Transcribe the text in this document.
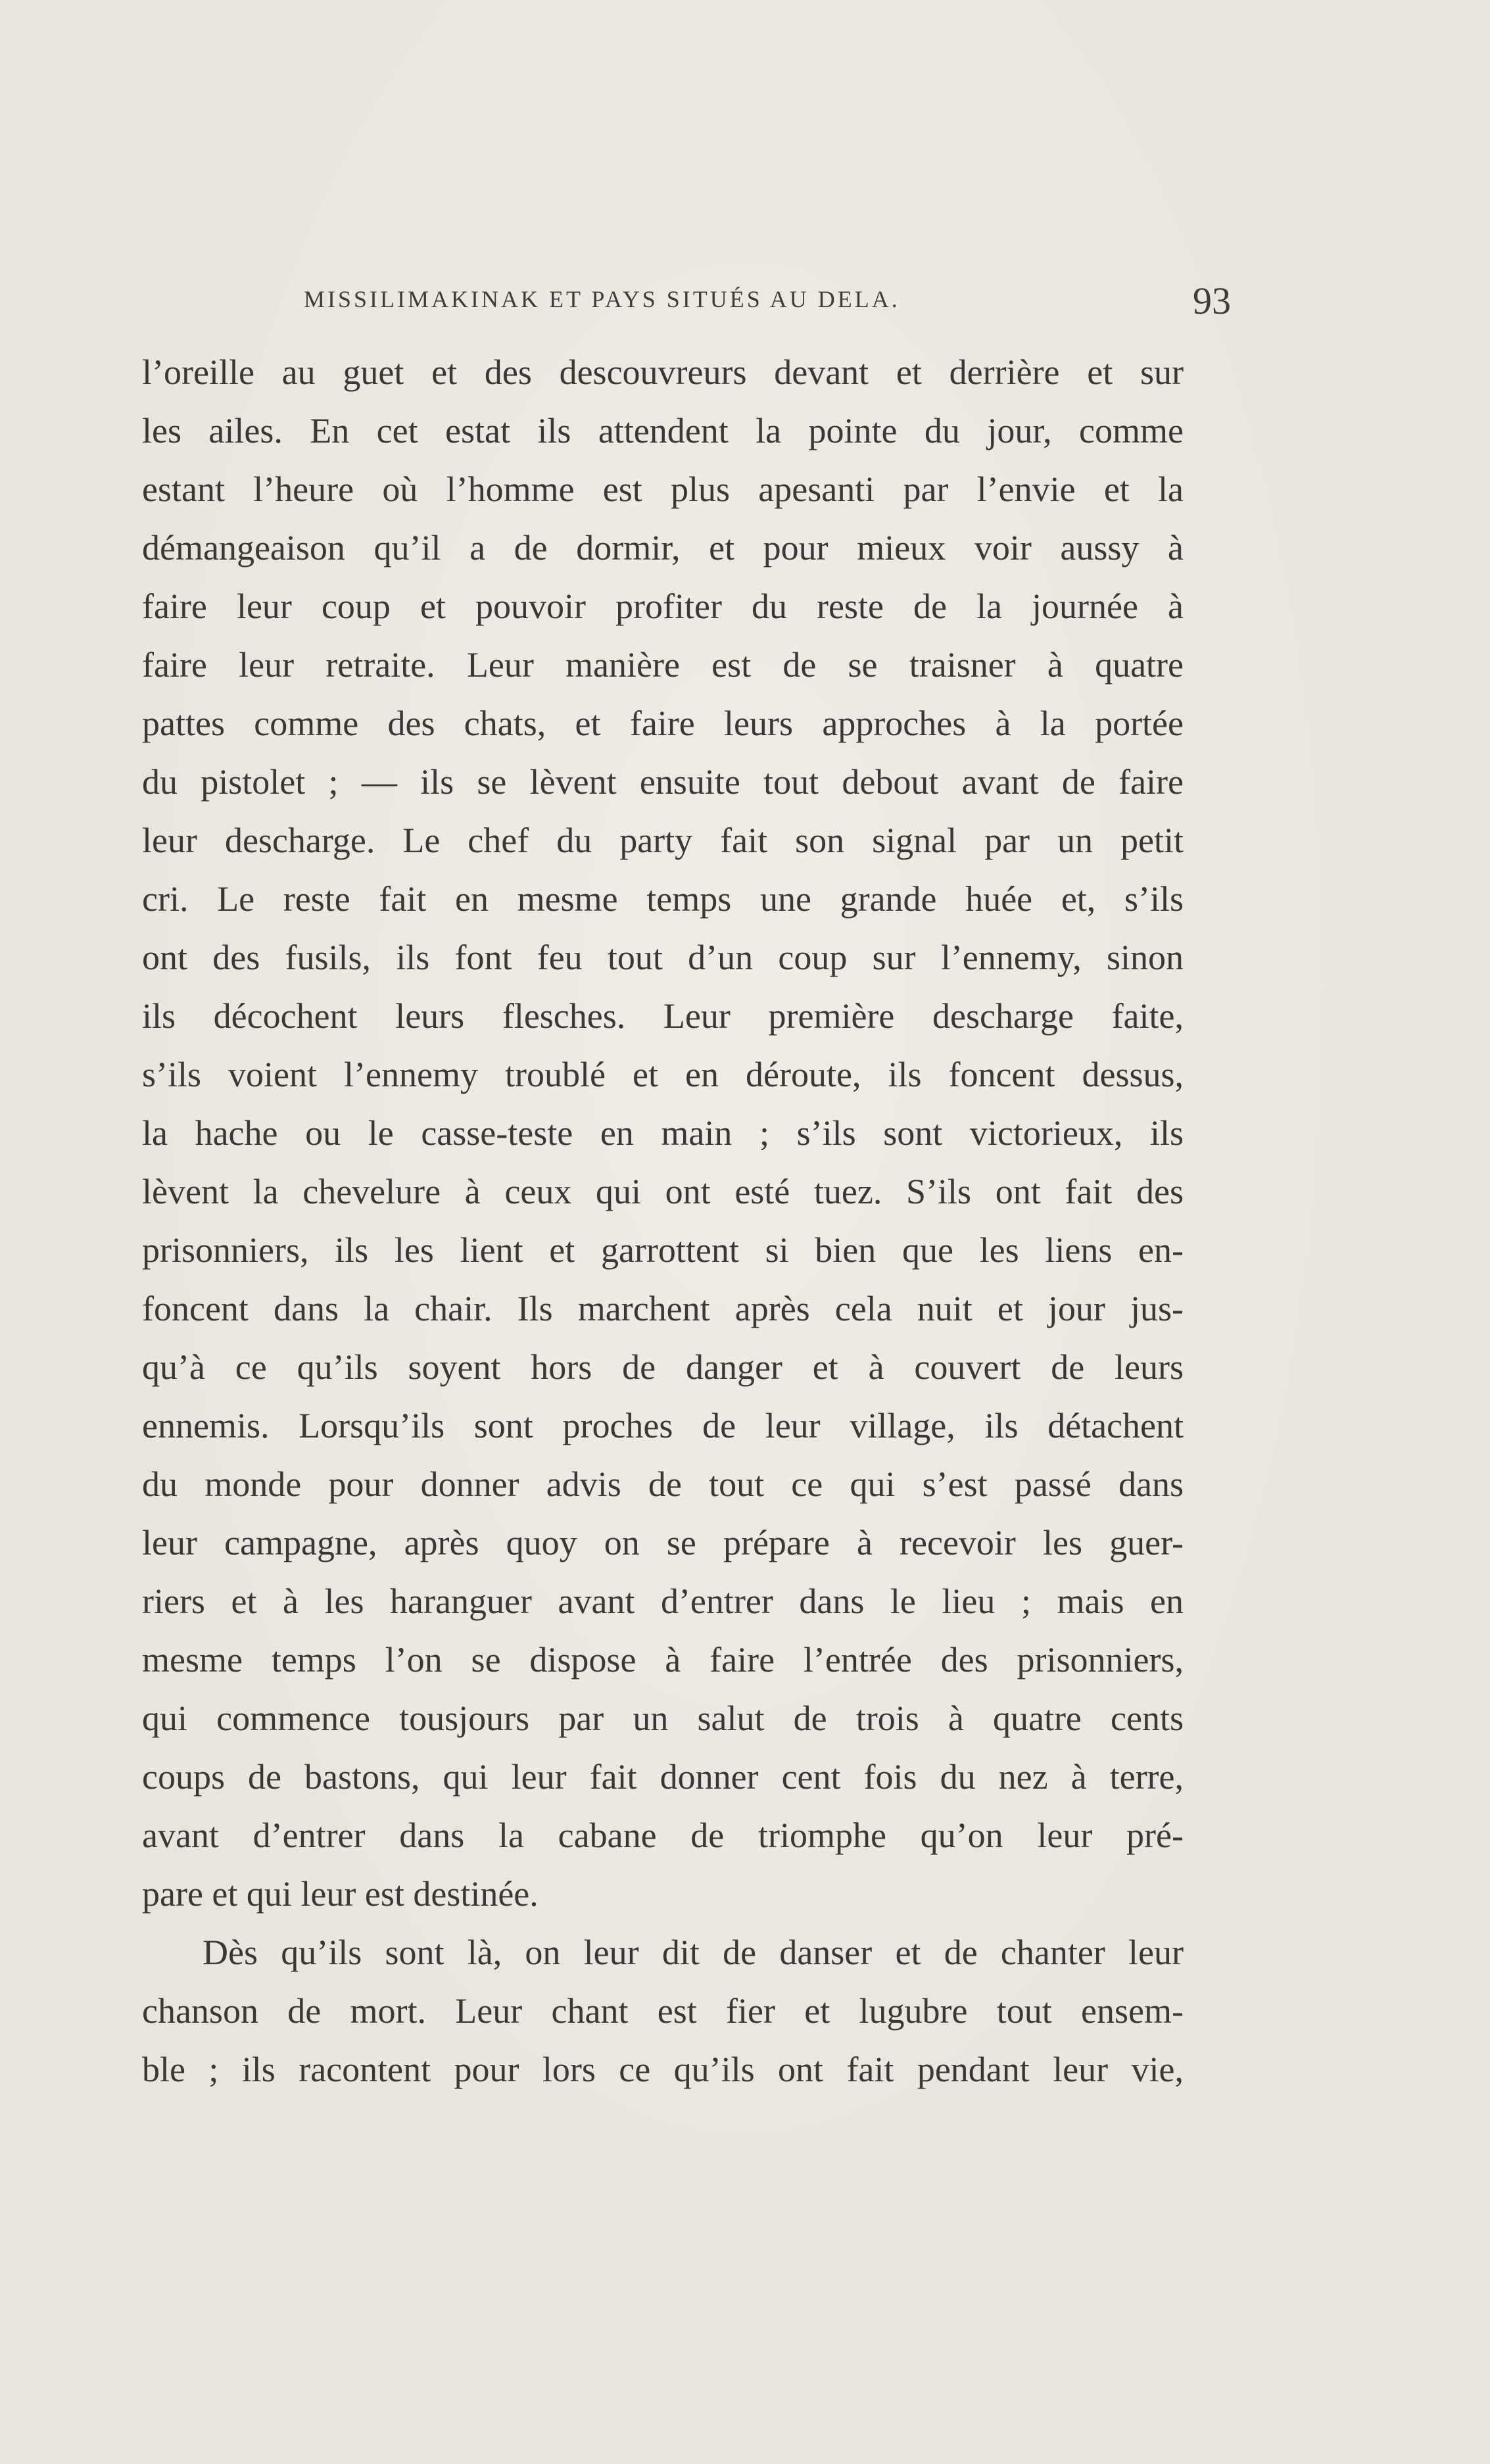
MISSILIMAKINAK ET PAYS SITUÉS AU DELA.	93
l’oreille au guet et des descouvreurs devant et derrière et sur
les ailes. En cet estat ils attendent la pointe du jour, comme
estant l’heure où l’homme est plus apesanti par l’envie et la
démangeaison qu’il a de dormir, et pour mieux voir aussy à
faire leur coup et pouvoir profiter du reste de la journée à
faire leur retraite. Leur manière est de se traisner à quatre
pattes comme des chats, et faire leurs approches à la portée
du pistolet ; — ils se lèvent ensuite tout debout avant de faire
leur descharge. Le chef du party fait son signal par un petit
cri. Le reste fait en mesme temps une grande huée et, s’ils
ont des fusils, ils font feu tout d’un coup sur l’ennemy, sinon
ils décochent leurs flesches. Leur première descharge faite,
s’ils voient l’ennemy troublé et en déroute, ils foncent dessus,
la hache ou le casse-teste en main ; s’ils sont victorieux, ils
lèvent la chevelure à ceux qui ont esté tuez. S’ils ont fait des
prisonniers, ils les lient et garrottent si bien que les liens en-
foncent dans la chair. Ils marchent après cela nuit et jour jus-
qu’à ce qu’ils soyent hors de danger et à couvert de leurs
ennemis. Lorsqu’ils sont proches de leur village, ils détachent
du monde pour donner advis de tout ce qui s’est passé dans
leur campagne, après quoy on se prépare à recevoir les guer-
riers et à les haranguer avant d’entrer dans le lieu ; mais en
mesme temps l’on se dispose à faire l’entrée des prisonniers,
qui commence tousjours par un salut de trois à quatre cents
coups de bastons, qui leur fait donner cent fois du nez à terre,
avant d’entrer dans la cabane de triomphe qu’on leur pré-
pare et qui leur est destinée.
Dès qu’ils sont là, on leur dit de danser et de chanter leur
chanson de mort. Leur chant est fier et lugubre tout ensem-
ble ; ils racontent pour lors ce qu’ils ont fait pendant leur vie,
